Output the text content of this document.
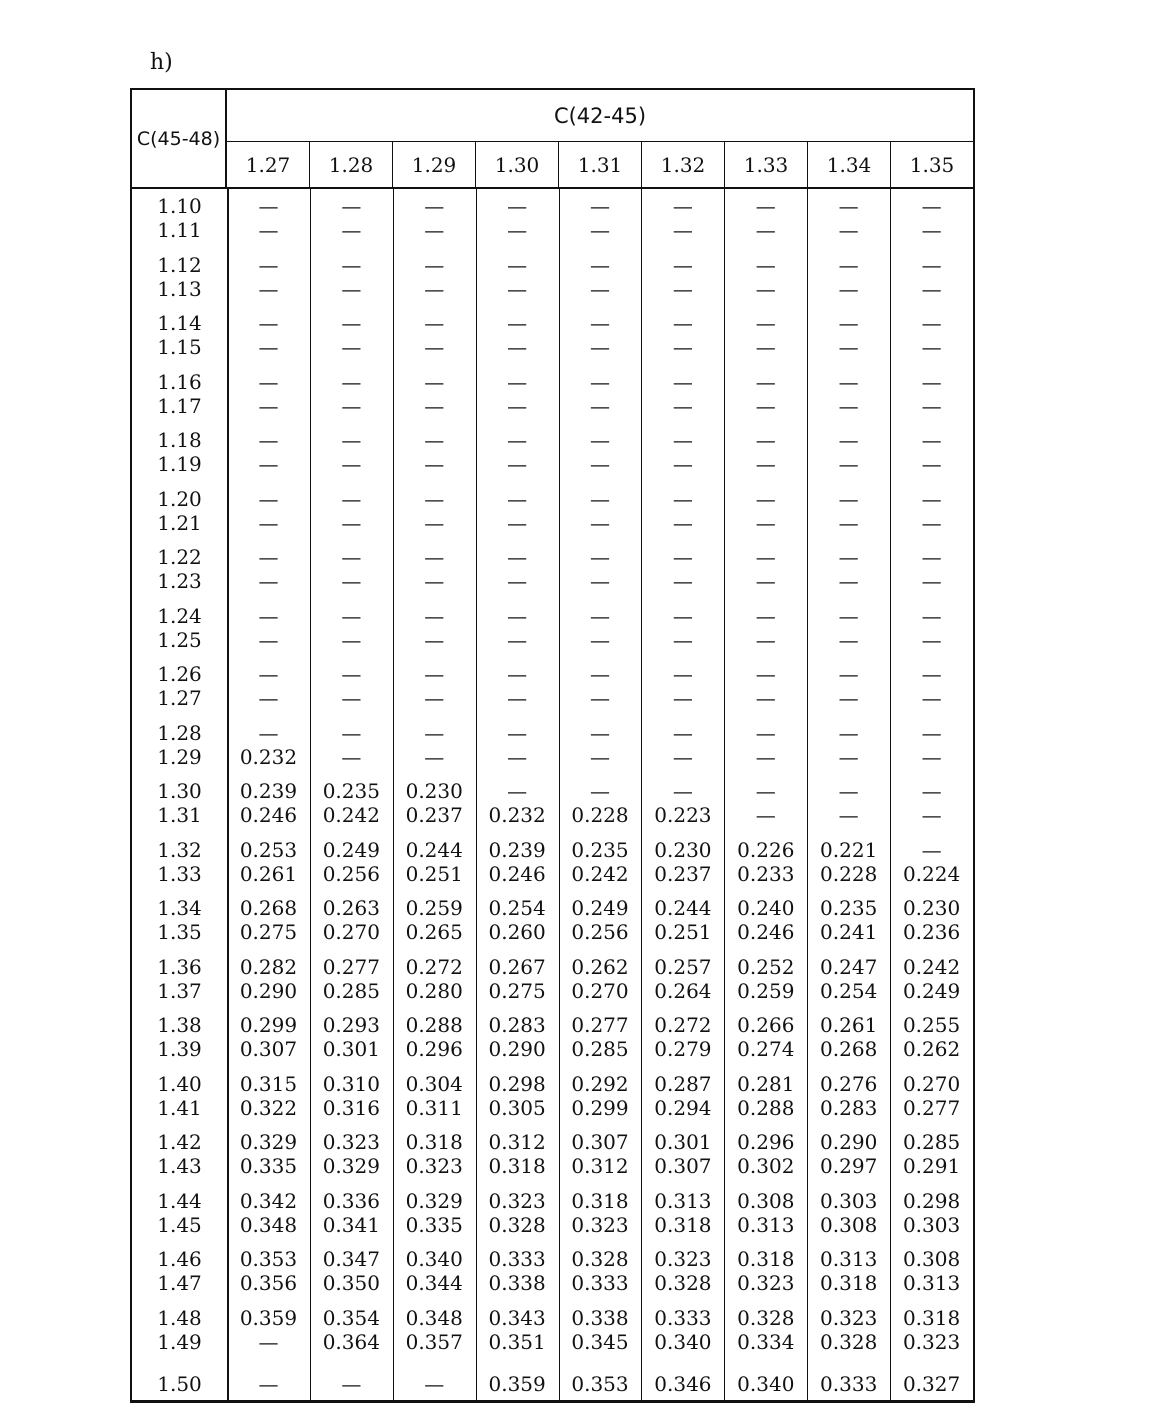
h)
C(45-48)
C(42-45)
1.27	1.28	1.29	1.30	1.31	1.32	1.33	1.34	1.35
1.10	—	—	—	—	—	—	—	—	—
1.11	—	—	—	—	—	—	—	—	—
1.12	—	—	—	—	—	—	—	—	—
1.13	—	—	—	—	—	—	—	—	—
1.14	—	—	—	—	—	—	—	—	—
1.15	—	—	—	—	—	—	—	—	—
1.16	—	—	—	—	—	—	—	—	—
1.17	—	—	—	—	—	—	—	—	—
1.18	—	—	—	—	—	—	—	—	—
1.19	—	—	—	—	—	—	—	—	—
1.20	—	—	—	—	—	—	—	—	—
1.21	—	—	—	—	—	—	—	—	—
1.22	—	—	—	—	—	—	—	—	—
1.23	—	—	—	—	—	—	—	—	—
1.24	—	—	—	—	—	—	—	—	—
1.25	—	—	—	—	—	—	—	—	—
1.26	—	—	—	—	—	—	—	—	—
1.27	—	—	—	—	—	—	—	—	—
1.28	—	—	—	—	—	—	—	—	—
1.29	0.232	—	—	—	—	—	—	—	—
1.30	0.239	0.235	0.230	—	—	—	—	—	—
1.31	0.246	0.242	0.237	0.232	0.228	0.223	—	—	—
1.32	0.253	0.249	0.244	0.239	0.235	0.230	0.226	0.221	—
1.33	0.261	0.256	0.251	0.246	0.242	0.237	0.233	0.228	0.224
1.34	0.268	0.263	0.259	0.254	0.249	0.244	0.240	0.235	0.230
1.35	0.275	0.270	0.265	0.260	0.256	0.251	0.246	0.241	0.236
1.36	0.282	0.277	0.272	0.267	0.262	0.257	0.252	0.247	0.242
1.37	0.290	0.285	0.280	0.275	0.270	0.264	0.259	0.254	0.249
1.38	0.299	0.293	0.288	0.283	0.277	0.272	0.266	0.261	0.255
1.39	0.307	0.301	0.296	0.290	0.285	0.279	0.274	0.268	0.262
1.40	0.315	0.310	0.304	0.298	0.292	0.287	0.281	0.276	0.270
1.41	0.322	0.316	0.311	0.305	0.299	0.294	0.288	0.283	0.277
1.42	0.329	0.323	0.318	0.312	0.307	0.301	0.296	0.290	0.285
1.43	0.335	0.329	0.323	0.318	0.312	0.307	0.302	0.297	0.291
1.44	0.342	0.336	0.329	0.323	0.318	0.313	0.308	0.303	0.298
1.45	0.348	0.341	0.335	0.328	0.323	0.318	0.313	0.308	0.303
1.46	0.353	0.347	0.340	0.333	0.328	0.323	0.318	0.313	0.308
1.47	0.356	0.350	0.344	0.338	0.333	0.328	0.323	0.318	0.313
1.48	0.359	0.354	0.348	0.343	0.338	0.333	0.328	0.323	0.318
1.49	—	0.364	0.357	0.351	0.345	0.340	0.334	0.328	0.323
1.50	—	—	—	0.359	0.353	0.346	0.340	0.333	0.327
